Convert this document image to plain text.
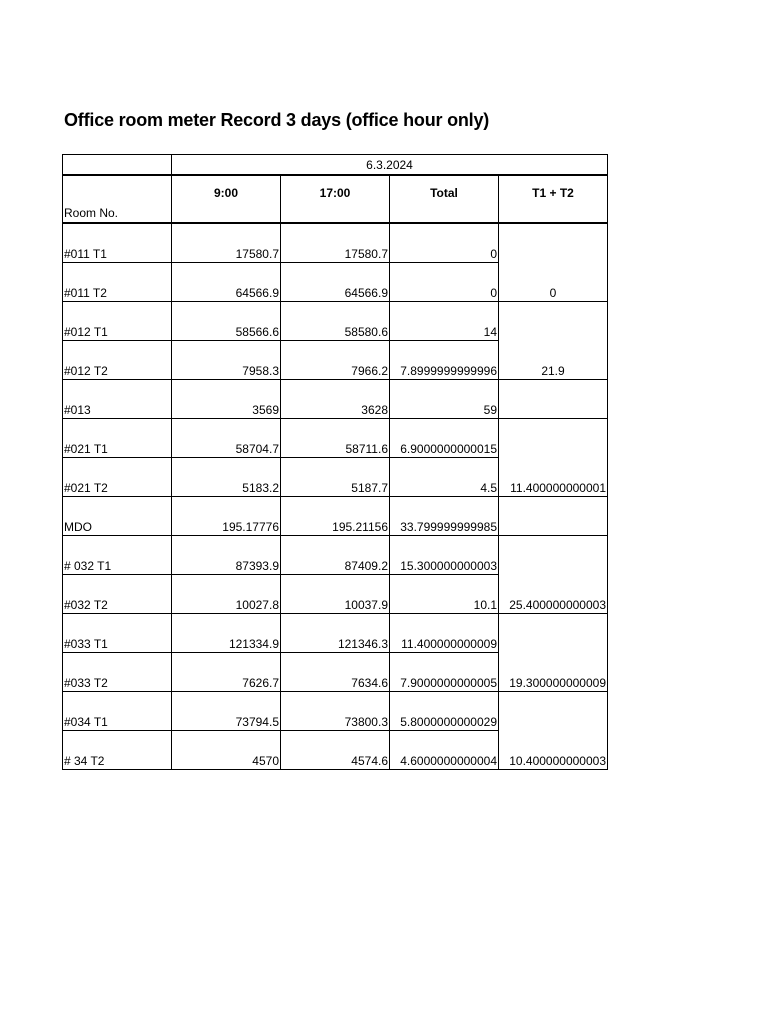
Office room meter Record 3 days (office hour only)
	6.3.2024			
Room No.	9:00	17:00	Total	T1 + T2
#011 T1	17580.7	17580.7	0	0
#011 T2	64566.9	64566.9	0	
#012 T1	58566.6	58580.6	14	21.9
#012 T2	7958.3	7966.2	7.8999999999996	
#013	3569	3628	59	
#021 T1	58704.7	58711.6	6.9000000000015	11.400000000001
#021 T2	5183.2	5187.7	4.5	
MDO	195.17776	195.21156	33.799999999985	
# 032 T1	87393.9	87409.2	15.300000000003	25.400000000003
#032 T2	10027.8	10037.9	10.1	
#033 T1	121334.9	121346.3	11.400000000009	19.300000000009
#033 T2	7626.7	7634.6	7.9000000000005	
#034 T1	73794.5	73800.3	5.8000000000029	10.400000000003
# 34 T2	4570	4574.6	4.6000000000004	
